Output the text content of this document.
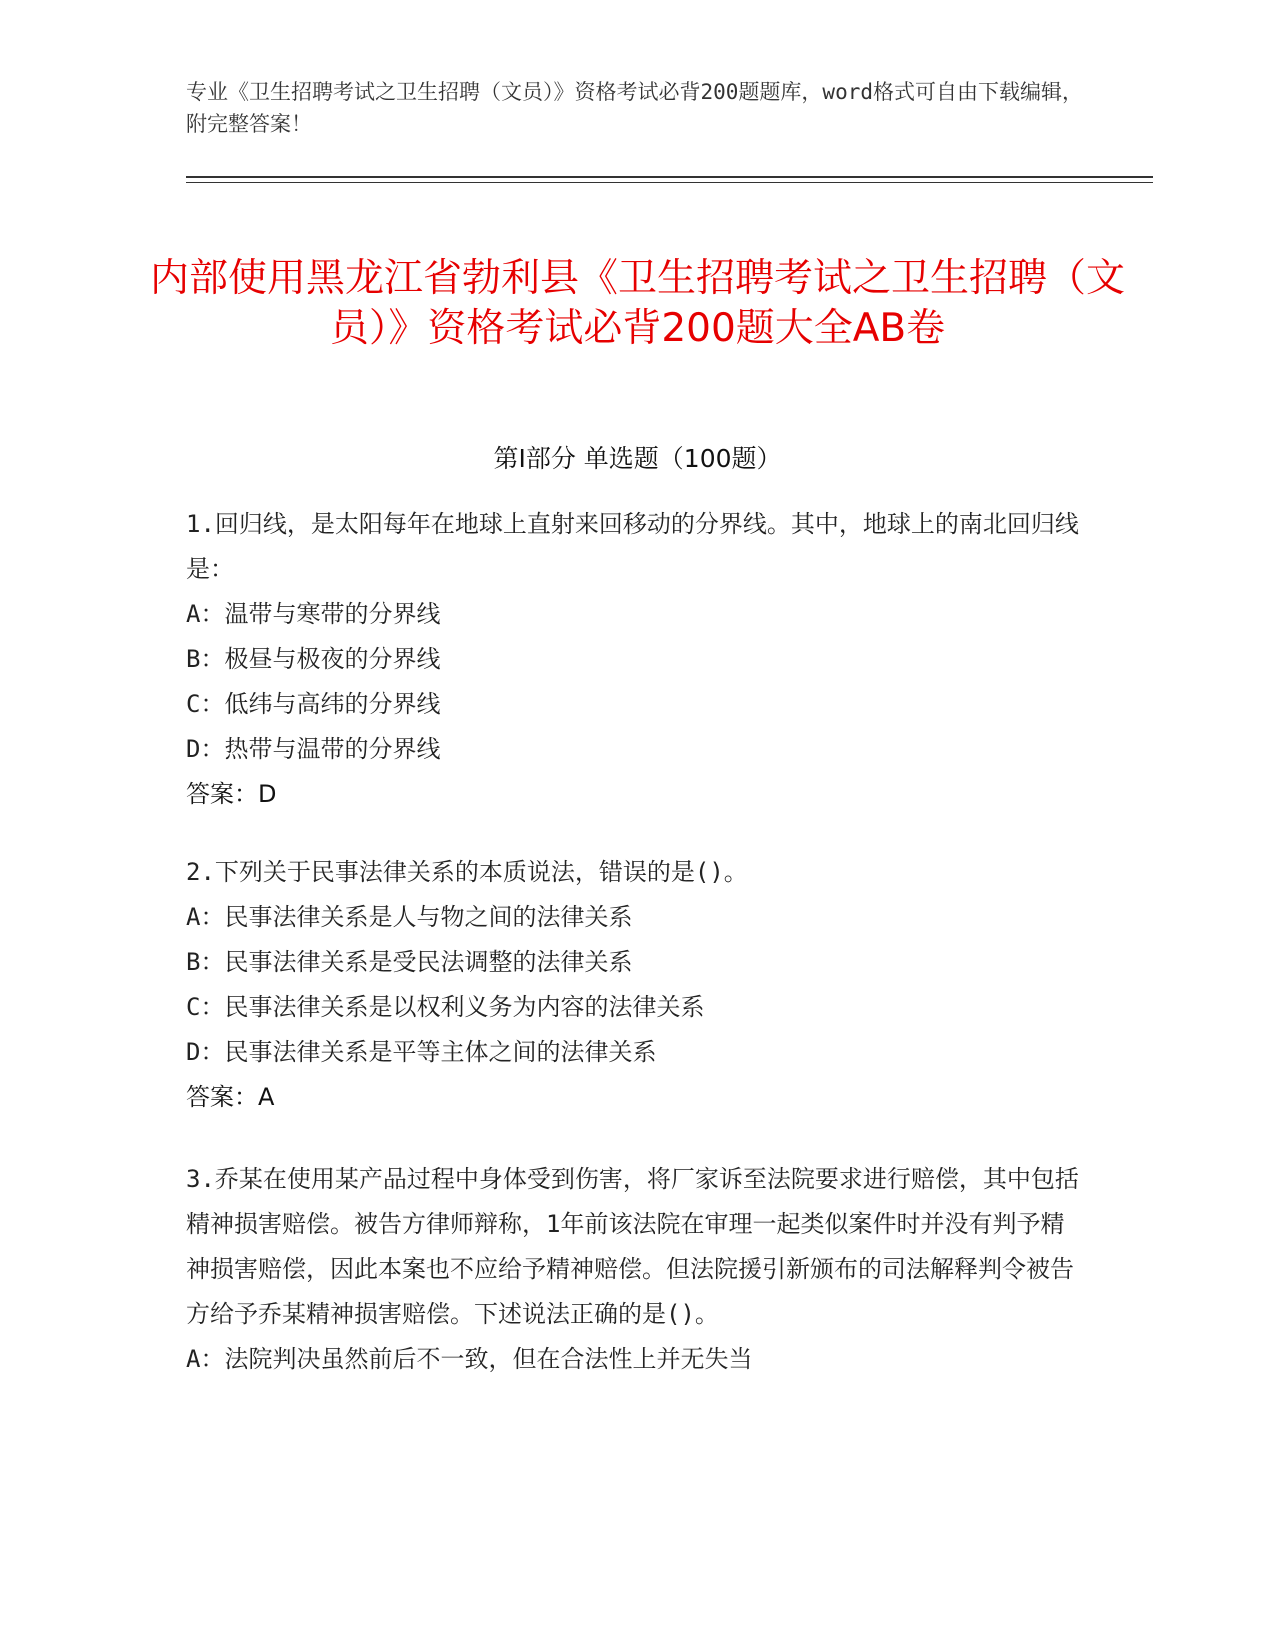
专业《卫生招聘考试之卫生招聘（文员）》资格考试必背200题题库，word格式可自由下载编辑，附完整答案！
内部使用黑龙江省勃利县《卫生招聘考试之卫生招聘（文员）》资格考试必背200题大全AB卷
第Ⅰ部分 单选题（100题）

1.回归线，是太阳每年在地球上直射来回移动的分界线。其中，地球上的南北回归线是：

A：温带与寒带的分界线

B：极昼与极夜的分界线

C：低纬与高纬的分界线

D：热带与温带的分界线

答案：D

2.下列关于民事法律关系的本质说法，错误的是()。

A：民事法律关系是人与物之间的法律关系

B：民事法律关系是受民法调整的法律关系

C：民事法律关系是以权利义务为内容的法律关系

D：民事法律关系是平等主体之间的法律关系

答案：A

3.乔某在使用某产品过程中身体受到伤害，将厂家诉至法院要求进行赔偿，其中包括精神损害赔偿。被告方律师辩称，1年前该法院在审理一起类似案件时并没有判予精神损害赔偿，因此本案也不应给予精神赔偿。但法院援引新颁布的司法解释判令被告方给予乔某精神损害赔偿。下述说法正确的是()。

A：法院判决虽然前后不一致，但在合法性上并无失当
